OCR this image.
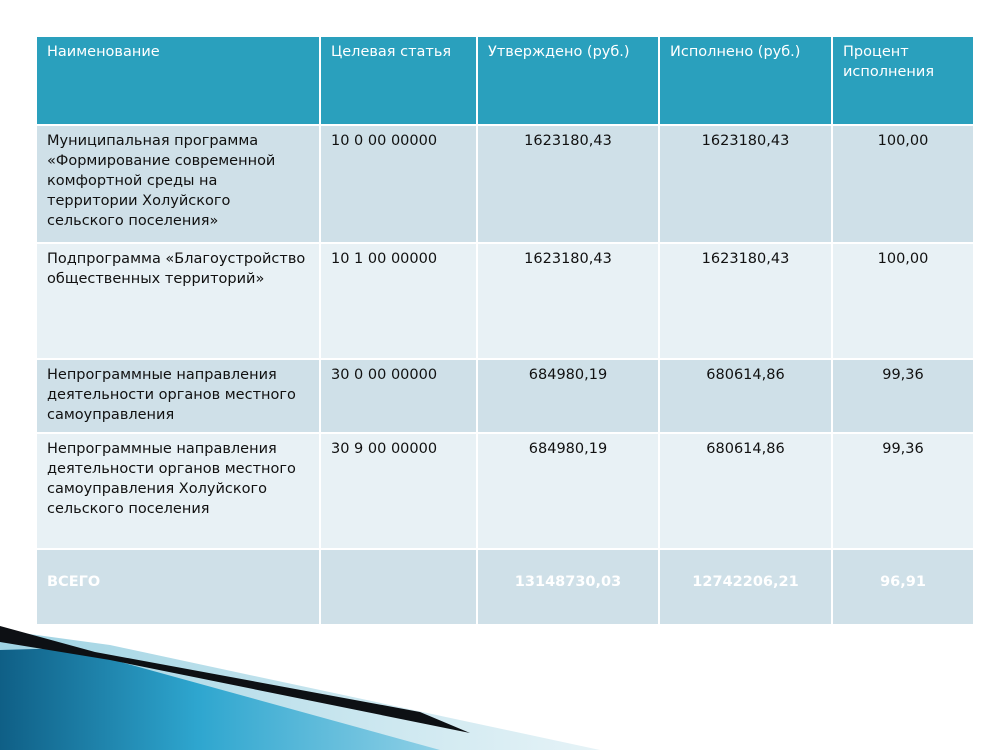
Наименование	Целевая статья	Утверждено (руб.)	Исполнено (руб.)	Процент исполнения
Муниципальная программа «Формирование современной комфортной среды на территории Холуйского сельского поселения»	10 0 00 00000	1623180,43	1623180,43	100,00
Подпрограмма «Благоустройство общественных территорий»	10 1 00 00000	1623180,43	1623180,43	100,00
Непрограммные направления деятельности органов местного самоуправления	30 0 00 00000	684980,19	680614,86	99,36
Непрограммные направления деятельности органов местного самоуправления Холуйского сельского поселения	30 9 00 00000	684980,19	680614,86	99,36
ВСЕГО		13148730,03	12742206,21	96,91
